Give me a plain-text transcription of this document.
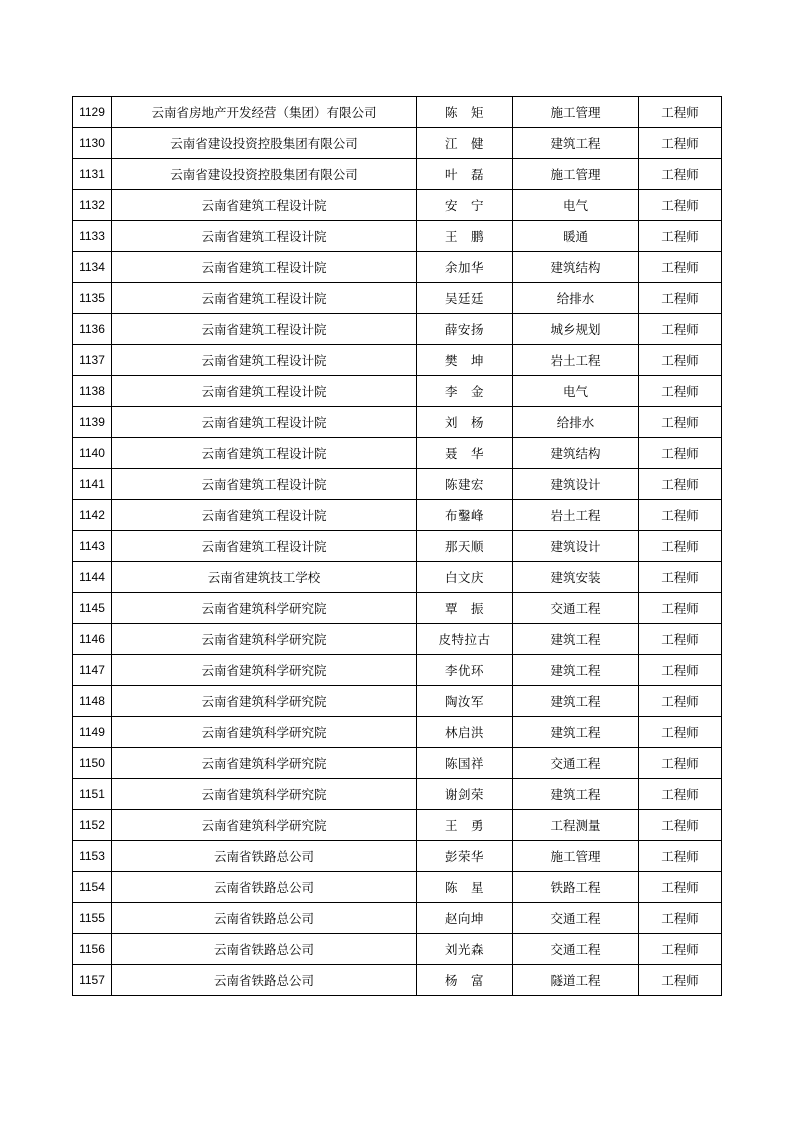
1129	云南省房地产开发经营（集团）有限公司	陈　矩	施工管理	工程师
1130	云南省建设投资控股集团有限公司	江　健	建筑工程	工程师
1131	云南省建设投资控股集团有限公司	叶　磊	施工管理	工程师
1132	云南省建筑工程设计院	安　宁	电气	工程师
1133	云南省建筑工程设计院	王　鹏	暖通	工程师
1134	云南省建筑工程设计院	余加华	建筑结构	工程师
1135	云南省建筑工程设计院	吴廷廷	给排水	工程师
1136	云南省建筑工程设计院	薛安扬	城乡规划	工程师
1137	云南省建筑工程设计院	樊　坤	岩土工程	工程师
1138	云南省建筑工程设计院	李　金	电气	工程师
1139	云南省建筑工程设计院	刘　杨	给排水	工程师
1140	云南省建筑工程设计院	聂　华	建筑结构	工程师
1141	云南省建筑工程设计院	陈建宏	建筑设计	工程师
1142	云南省建筑工程设计院	布鑿峰	岩土工程	工程师
1143	云南省建筑工程设计院	那天顺	建筑设计	工程师
1144	云南省建筑技工学校	白文庆	建筑安装	工程师
1145	云南省建筑科学研究院	覃　振	交通工程	工程师
1146	云南省建筑科学研究院	皮特拉古	建筑工程	工程师
1147	云南省建筑科学研究院	李优环	建筑工程	工程师
1148	云南省建筑科学研究院	陶汝军	建筑工程	工程师
1149	云南省建筑科学研究院	林启洪	建筑工程	工程师
1150	云南省建筑科学研究院	陈国祥	交通工程	工程师
1151	云南省建筑科学研究院	谢剑荣	建筑工程	工程师
1152	云南省建筑科学研究院	王　勇	工程测量	工程师
1153	云南省铁路总公司	彭荣华	施工管理	工程师
1154	云南省铁路总公司	陈　星	铁路工程	工程师
1155	云南省铁路总公司	赵向坤	交通工程	工程师
1156	云南省铁路总公司	刘光森	交通工程	工程师
1157	云南省铁路总公司	杨　富	隧道工程	工程师
